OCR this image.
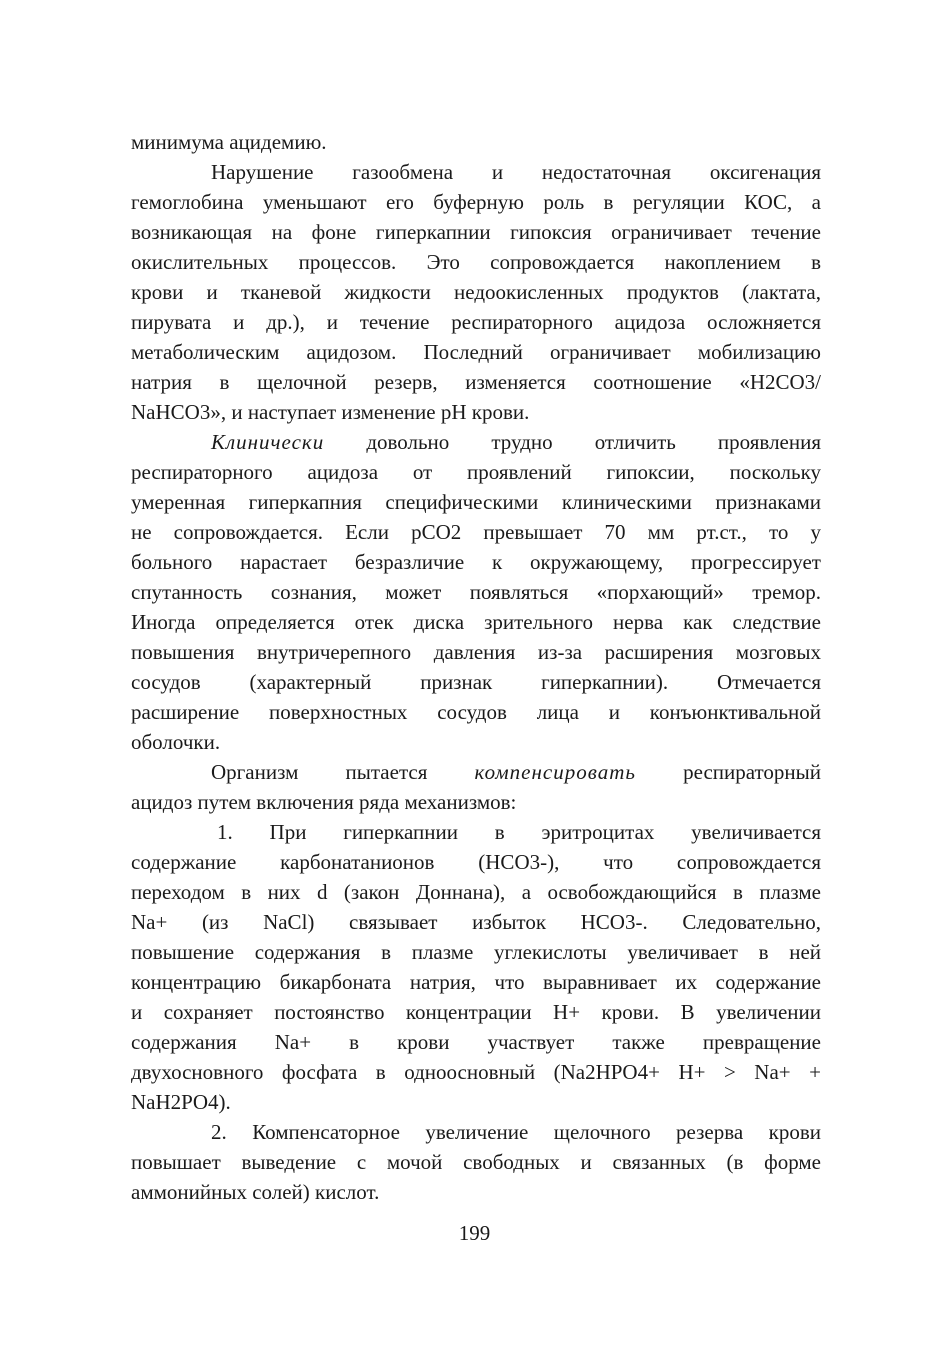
минимума ацидемию.
Нарушение газообмена и недостаточная оксигенация
гемоглобина уменьшают его буферную роль в регуляции КОС, а
возникающая на фоне гиперкапнии гипоксия ограничивает течение
окислительных процессов. Это сопровождается накоплением в
крови и тканевой жидкости недоокисленных продуктов (лактата,
пирувата и др.), и течение респираторного ацидоза осложняется
метаболическим ацидозом. Последний ограничивает мобилизацию
натрия в щелочной резерв, изменяется соотношение «H2CO3/
NaHCO3», и наступает изменение pH крови.
Клинически довольно трудно отличить проявления
респираторного ацидоза от проявлений гипоксии, поскольку
умеренная гиперкапния специфическими клиническими признаками
не сопровождается. Если pCO2 превышает 70 мм рт.ст., то у
больного нарастает безразличие к окружающему, прогрессирует
спутанность сознания, может появляться «порхающий» тремор.
Иногда определяется отек диска зрительного нерва как следствие
повышения внутричерепного давления из-за расширения мозговых
сосудов (характерный признак гиперкапнии). Отмечается
расширение поверхностных сосудов лица и конъюнктивальной
оболочки.
Организм пытается компенсировать респираторный
ацидоз путем включения ряда механизмов:
1. При гиперкапнии в эритроцитах увеличивается
содержание карбонатанионов (HCO3-), что сопровождается
переходом в них d (закон Доннана), а освобождающийся в плазме
Na+ (из NaCl) связывает избыток HCO3-. Следовательно,
повышение содержания в плазме углекислоты увеличивает в ней
концентрацию бикарбоната натрия, что выравнивает их содержание
и сохраняет постоянство концентрации H+ крови. В увеличении
содержания Na+ в крови участвует также превращение
двухосновного фосфата в одноосновный (Na2HPO4+ H+ > Na+ +
NaH2PO4).
2. Компенсаторное увеличение щелочного резерва крови
повышает выведение с мочой свободных и связанных (в форме
аммонийных солей) кислот.
199
